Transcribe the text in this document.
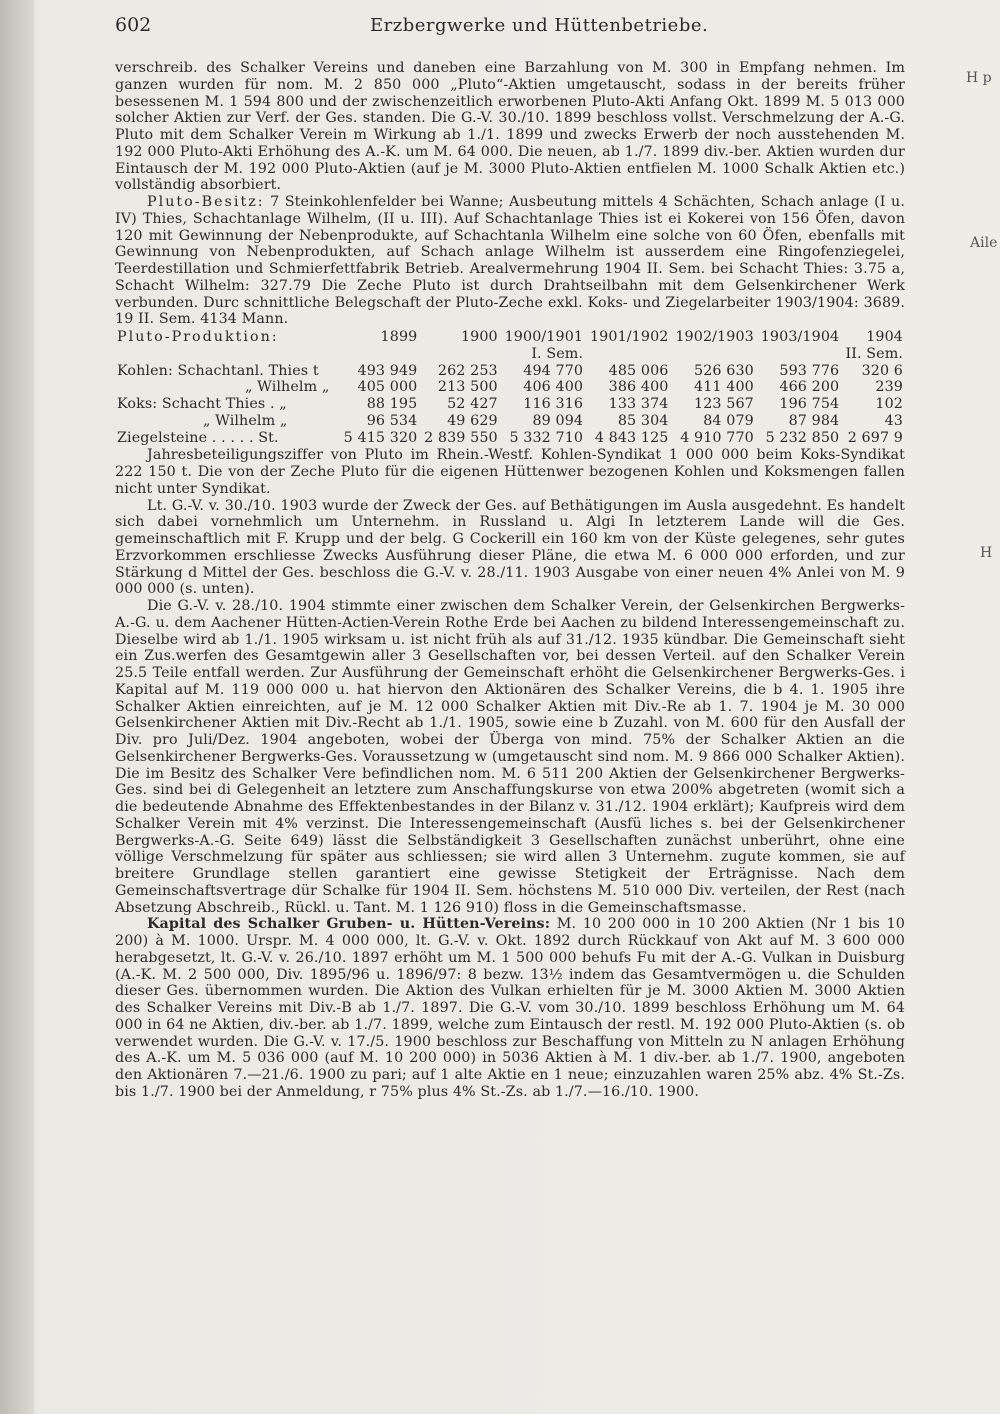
602	Erzbergwerke und Hüttenbetriebe.
H p
Aile
H

verschreib. des Schalker Vereins und daneben eine Barzahlung von M. 300 in Empfang nehmen. Im ganzen wurden für nom. M. 2 850 000 „Pluto“-Aktien umgetauscht, sodass in der bereits früher besessenen M. 1 594 800 und der zwischenzeitlich erworbenen Pluto-Akti Anfang Okt. 1899 M. 5 013 000 solcher Aktien zur Verf. der Ges. standen. Die G.-V. 30./10. 1899 beschloss vollst. Verschmelzung der A.-G. Pluto mit dem Schalker Verein m Wirkung ab 1./1. 1899 und zwecks Erwerb der noch ausstehenden M. 192 000 Pluto-Akti Erhöhung des A.-K. um M. 64 000. Die neuen, ab 1./7. 1899 div.-ber. Aktien wurden dur Eintausch der M. 192 000 Pluto-Aktien (auf je M. 3000 Pluto-Aktien entfielen M. 1000 Schalk Aktien etc.) vollständig absorbiert.

Pluto-Besitz: 7 Steinkohlenfelder bei Wanne; Ausbeutung mittels 4 Schächten, Schach anlage (I u. IV) Thies, Schachtanlage Wilhelm, (II u. III). Auf Schachtanlage Thies ist ei Kokerei von 156 Öfen, davon 120 mit Gewinnung der Nebenprodukte, auf Schachtanla Wilhelm eine solche von 60 Öfen, ebenfalls mit Gewinnung von Nebenprodukten, auf Schach anlage Wilhelm ist ausserdem eine Ringofenziegelei, Teerdestillation und Schmierfettfabrik Betrieb. Arealvermehrung 1904 II. Sem. bei Schacht Thies: 3.75 a, Schacht Wilhelm: 327.79 Die Zeche Pluto ist durch Drahtseilbahn mit dem Gelsenkirchener Werk verbunden. Durc schnittliche Belegschaft der Pluto-Zeche exkl. Koks- und Ziegelarbeiter 1903/1904: 3689. 19 II. Sem. 4134 Mann.

Pluto-Produktion:	1899	1900	1900/1901	1901/1902	1902/1903	1903/1904	1904
			I. Sem.				II. Sem.
Kohlen: Schachtanl. Thies t	493 949	262 253	494 770	485 006	526 630	593 776	320 6
„ Wilhelm „	405 000	213 500	406 400	386 400	411 400	466 200	239
Koks: Schacht Thies . „	88 195	52 427	116 316	133 374	123 567	196 754	102
„ Wilhelm „	96 534	49 629	89 094	85 304	84 079	87 984	43
Ziegelsteine . . . . . St.	5 415 320	2 839 550	5 332 710	4 843 125	4 910 770	5 232 850	2 697 9

Jahresbeteiligungsziffer von Pluto im Rhein.-Westf. Kohlen-Syndikat 1 000 000 beim Koks-Syndikat 222 150 t. Die von der Zeche Pluto für die eigenen Hüttenwer bezogenen Kohlen und Koksmengen fallen nicht unter Syndikat.

Lt. G.-V. v. 30./10. 1903 wurde der Zweck der Ges. auf Bethätigungen im Ausla ausgedehnt. Es handelt sich dabei vornehmlich um Unternehm. in Russland u. Algi In letzterem Lande will die Ges. gemeinschaftlich mit F. Krupp und der belg. G Cockerill ein 160 km von der Küste gelegenes, sehr gutes Erzvorkommen erschliesse Zwecks Ausführung dieser Pläne, die etwa M. 6 000 000 erforden, und zur Stärkung d Mittel der Ges. beschloss die G.-V. v. 28./11. 1903 Ausgabe von einer neuen 4% Anlei von M. 9 000 000 (s. unten).

Die G.-V. v. 28./10. 1904 stimmte einer zwischen dem Schalker Verein, der Gelsenkirchen Bergwerks-A.-G. u. dem Aachener Hütten-Actien-Verein Rothe Erde bei Aachen zu bildend Interessengemeinschaft zu. Dieselbe wird ab 1./1. 1905 wirksam u. ist nicht früh als auf 31./12. 1935 kündbar. Die Gemeinschaft sieht ein Zus.werfen des Gesamtgewin aller 3 Gesellschaften vor, bei dessen Verteil. auf den Schalker Verein 25.5 Teile entfall werden. Zur Ausführung der Gemeinschaft erhöht die Gelsenkirchener Bergwerks-Ges. i Kapital auf M. 119 000 000 u. hat hiervon den Aktionären des Schalker Vereins, die b 4. 1. 1905 ihre Schalker Aktien einreichten, auf je M. 12 000 Schalker Aktien mit Div.-Re ab 1. 7. 1904 je M. 30 000 Gelsenkirchener Aktien mit Div.-Recht ab 1./1. 1905, sowie eine b Zuzahl. von M. 600 für den Ausfall der Div. pro Juli/Dez. 1904 angeboten, wobei der Überga von mind. 75% der Schalker Aktien an die Gelsenkirchener Bergwerks-Ges. Voraussetzung w (umgetauscht sind nom. M. 9 866 000 Schalker Aktien). Die im Besitz des Schalker Vere befindlichen nom. M. 6 511 200 Aktien der Gelsenkirchener Bergwerks-Ges. sind bei di Gelegenheit an letztere zum Anschaffungskurse von etwa 200% abgetreten (womit sich a die bedeutende Abnahme des Effektenbestandes in der Bilanz v. 31./12. 1904 erklärt); Kaufpreis wird dem Schalker Verein mit 4% verzinst. Die Interessengemeinschaft (Ausfü liches s. bei der Gelsenkirchener Bergwerks-A.-G. Seite 649) lässt die Selbständigkeit 3 Gesellschaften zunächst unberührt, ohne eine völlige Verschmelzung für später aus schliessen; sie wird allen 3 Unternehm. zugute kommen, sie auf breitere Grundlage stellen garantiert eine gewisse Stetigkeit der Erträgnisse. Nach dem Gemeinschaftsvertrage dür Schalke für 1904 II. Sem. höchstens M. 510 000 Div. verteilen, der Rest (nach Absetzung Abschreib., Rückl. u. Tant. M. 1 126 910) floss in die Gemeinschaftsmasse.

Kapital des Schalker Gruben- u. Hütten-Vereins: M. 10 200 000 in 10 200 Aktien (Nr 1 bis 10 200) à M. 1000. Urspr. M. 4 000 000, lt. G.-V. v. Okt. 1892 durch Rückkauf von Akt auf M. 3 600 000 herabgesetzt, lt. G.-V. v. 26./10. 1897 erhöht um M. 1 500 000 behufs Fu mit der A.-G. Vulkan in Duisburg (A.-K. M. 2 500 000, Div. 1895/96 u. 1896/97: 8 bezw. 13½ indem das Gesamtvermögen u. die Schulden dieser Ges. übernommen wurden. Die Aktion des Vulkan erhielten für je M. 3000 Aktien M. 3000 Aktien des Schalker Vereins mit Div.-B ab 1./7. 1897. Die G.-V. vom 30./10. 1899 beschloss Erhöhung um M. 64 000 in 64 ne Aktien, div.-ber. ab 1./7. 1899, welche zum Eintausch der restl. M. 192 000 Pluto-Aktien (s. ob verwendet wurden. Die G.-V. v. 17./5. 1900 beschloss zur Beschaffung von Mitteln zu N anlagen Erhöhung des A.-K. um M. 5 036 000 (auf M. 10 200 000) in 5036 Aktien à M. 1 div.-ber. ab 1./7. 1900, angeboten den Aktionären 7.—21./6. 1900 zu pari; auf 1 alte Aktie en 1 neue; einzuzahlen waren 25% abz. 4% St.-Zs. bis 1./7. 1900 bei der Anmeldung, r 75% plus 4% St.-Zs. ab 1./7.—16./10. 1900.
